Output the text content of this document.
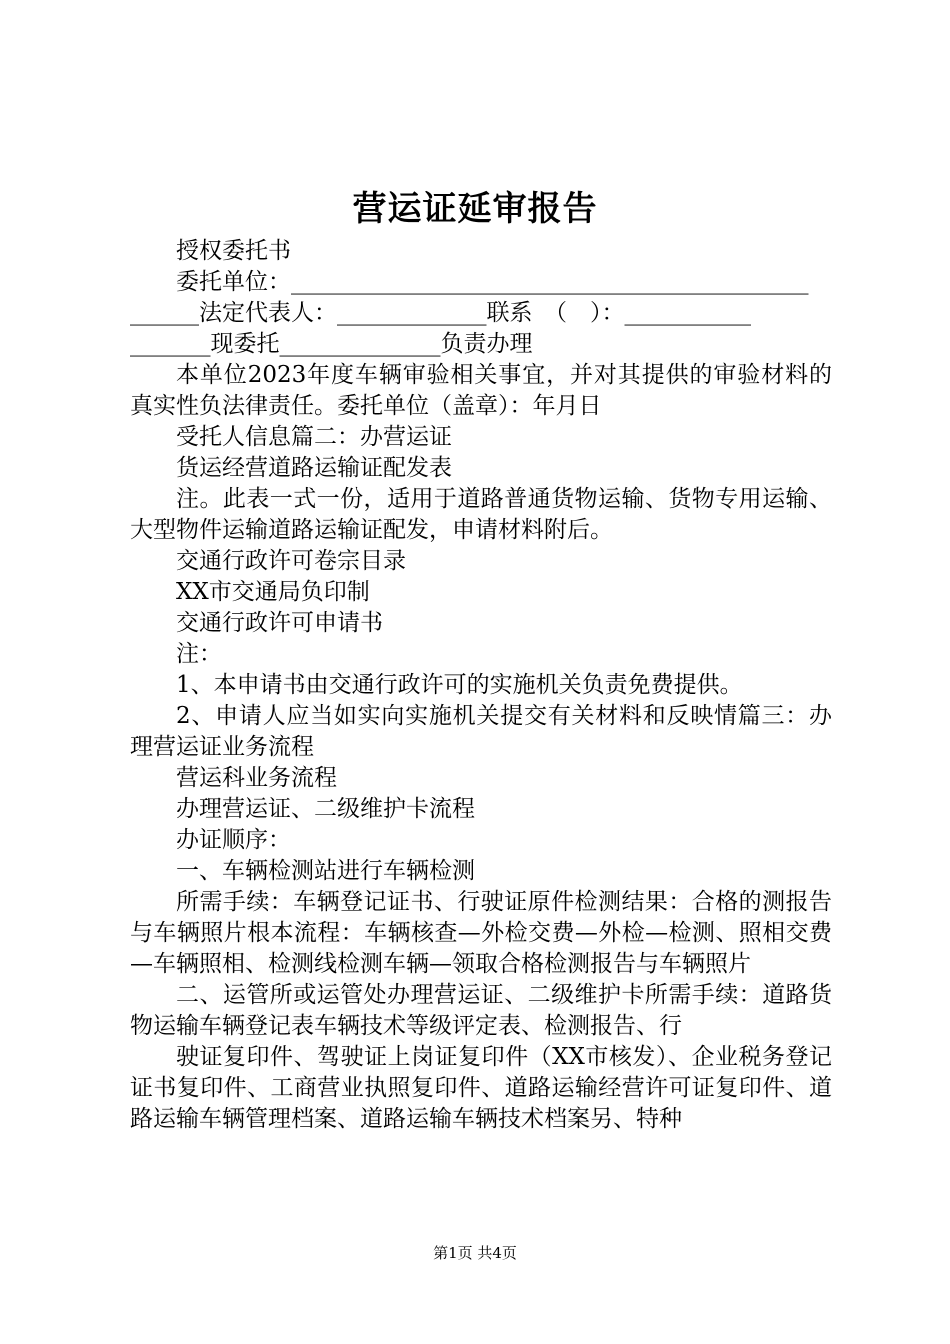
营运证延审报告

授权委托书

委托单位：_____________________________________________

______法定代表人：_____________联系　（　）：___________

_______现委托______________负责办理

本单位2023年度车辆审验相关事宜，并对其提供的审验材料的真实性负法律责任。委托单位（盖章）：年月日

受托人信息篇二：办营运证

货运经营道路运输证配发表

注。此表一式一份，适用于道路普通货物运输、货物专用运输、大型物件运输道路运输证配发，申请材料附后。

交通行政许可卷宗目录

XX市交通局负印制

交通行政许可申请书

注：

1、本申请书由交通行政许可的实施机关负责免费提供。

2、申请人应当如实向实施机关提交有关材料和反映情篇三：办理营运证业务流程

营运科业务流程

办理营运证、二级维护卡流程

办证顺序：

一、车辆检测站进行车辆检测

所需手续：车辆登记证书、行驶证原件检测结果：合格的测报告与车辆照片根本流程：车辆核查—外检交费—外检—检测、照相交费—车辆照相、检测线检测车辆—领取合格检测报告与车辆照片

二、运管所或运管处办理营运证、二级维护卡所需手续：道路货物运输车辆登记表车辆技术等级评定表、检测报告、行

驶证复印件、驾驶证上岗证复印件（XX市核发）、企业税务登记证书复印件、工商营业执照复印件、道路运输经营许可证复印件、道路运输车辆管理档案、道路运输车辆技术档案另、特种

第1页 共4页
